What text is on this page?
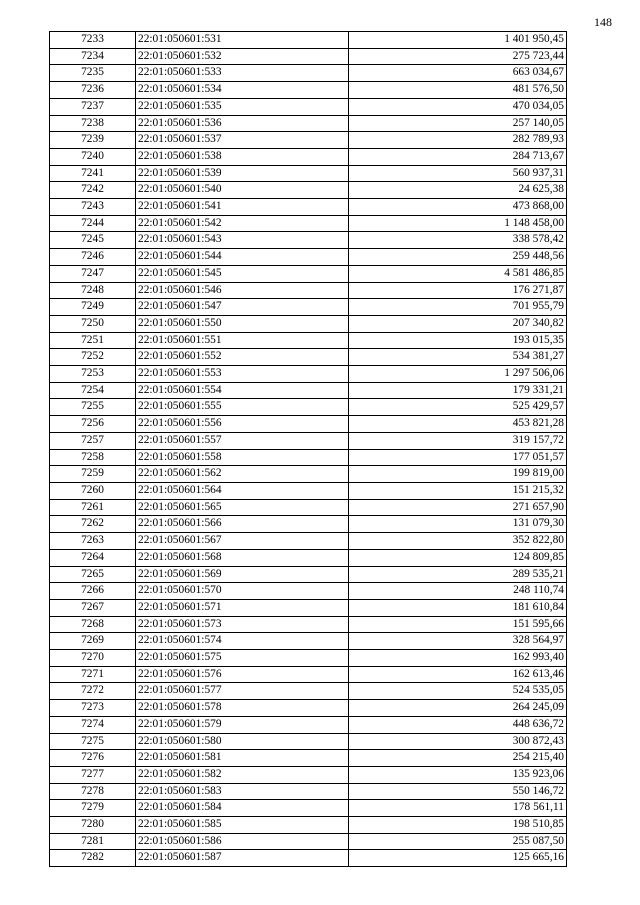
148
7233	22:01:050601:531	1 401 950,45
7234	22:01:050601:532	275 723,44
7235	22:01:050601:533	663 034,67
7236	22:01:050601:534	481 576,50
7237	22:01:050601:535	470 034,05
7238	22:01:050601:536	257 140,05
7239	22:01:050601:537	282 789,93
7240	22:01:050601:538	284 713,67
7241	22:01:050601:539	560 937,31
7242	22:01:050601:540	24 625,38
7243	22:01:050601:541	473 868,00
7244	22:01:050601:542	1 148 458,00
7245	22:01:050601:543	338 578,42
7246	22:01:050601:544	259 448,56
7247	22:01:050601:545	4 581 486,85
7248	22:01:050601:546	176 271,87
7249	22:01:050601:547	701 955,79
7250	22:01:050601:550	207 340,82
7251	22:01:050601:551	193 015,35
7252	22:01:050601:552	534 381,27
7253	22:01:050601:553	1 297 506,06
7254	22:01:050601:554	179 331,21
7255	22:01:050601:555	525 429,57
7256	22:01:050601:556	453 821,28
7257	22:01:050601:557	319 157,72
7258	22:01:050601:558	177 051,57
7259	22:01:050601:562	199 819,00
7260	22:01:050601:564	151 215,32
7261	22:01:050601:565	271 657,90
7262	22:01:050601:566	131 079,30
7263	22:01:050601:567	352 822,80
7264	22:01:050601:568	124 809,85
7265	22:01:050601:569	289 535,21
7266	22:01:050601:570	248 110,74
7267	22:01:050601:571	181 610,84
7268	22:01:050601:573	151 595,66
7269	22:01:050601:574	328 564,97
7270	22:01:050601:575	162 993,40
7271	22:01:050601:576	162 613,46
7272	22:01:050601:577	524 535,05
7273	22:01:050601:578	264 245,09
7274	22:01:050601:579	448 636,72
7275	22:01:050601:580	300 872,43
7276	22:01:050601:581	254 215,40
7277	22:01:050601:582	135 923,06
7278	22:01:050601:583	550 146,72
7279	22:01:050601:584	178 561,11
7280	22:01:050601:585	198 510,85
7281	22:01:050601:586	255 087,50
7282	22:01:050601:587	125 665,16
